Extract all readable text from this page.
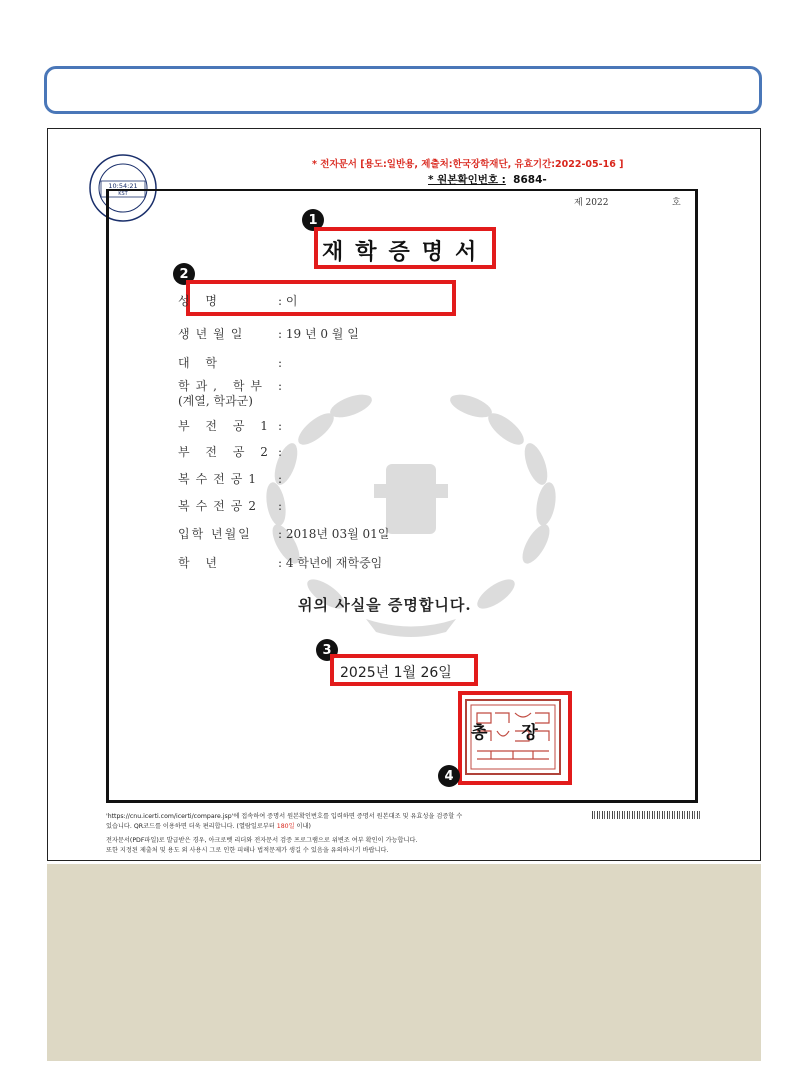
10:54:21
KST
* 전자문서 [용도:일반용, 제출처:한국장학재단, 유효기간:2022-05-16 ]
* 원본확인번호 : 8684-
제 2022	호
1
재학증명서
2
성 명	: 이
생년월일 : 19 년 0 월 일
대 학	:
학과, 학부 :
(계열, 학과군)
부 전 공 1 :
부 전 공 2 :
복수전공1 :
복수전공2 :
입학 년월일 : 2018년 03월 01일
학 년	: 4 학년에 재학중임
위의 사실을 증명합니다.
3
2025년 1월 26일
총 장
4
'https://cnu.icerti.com/icerti/compare.jsp'에 접속하여 증명서 원본확인번호를 입력하면 증명서 원본대조 및 유효성을 검증할 수
있습니다. QR코드를 이용하면 더욱 편리합니다. (열람일로부터 180일 이내)
전자문서(PDF파일)로 발급받은 경우, 아크로벳 리더와 전자문서 검증 프로그램으로 위변조 여부 확인이 가능합니다.
또한 지정된 제출처 및 용도 외 사용시 그로 인한 피해나 법적문제가 생길 수 있음을 유의하시기 바랍니다.
